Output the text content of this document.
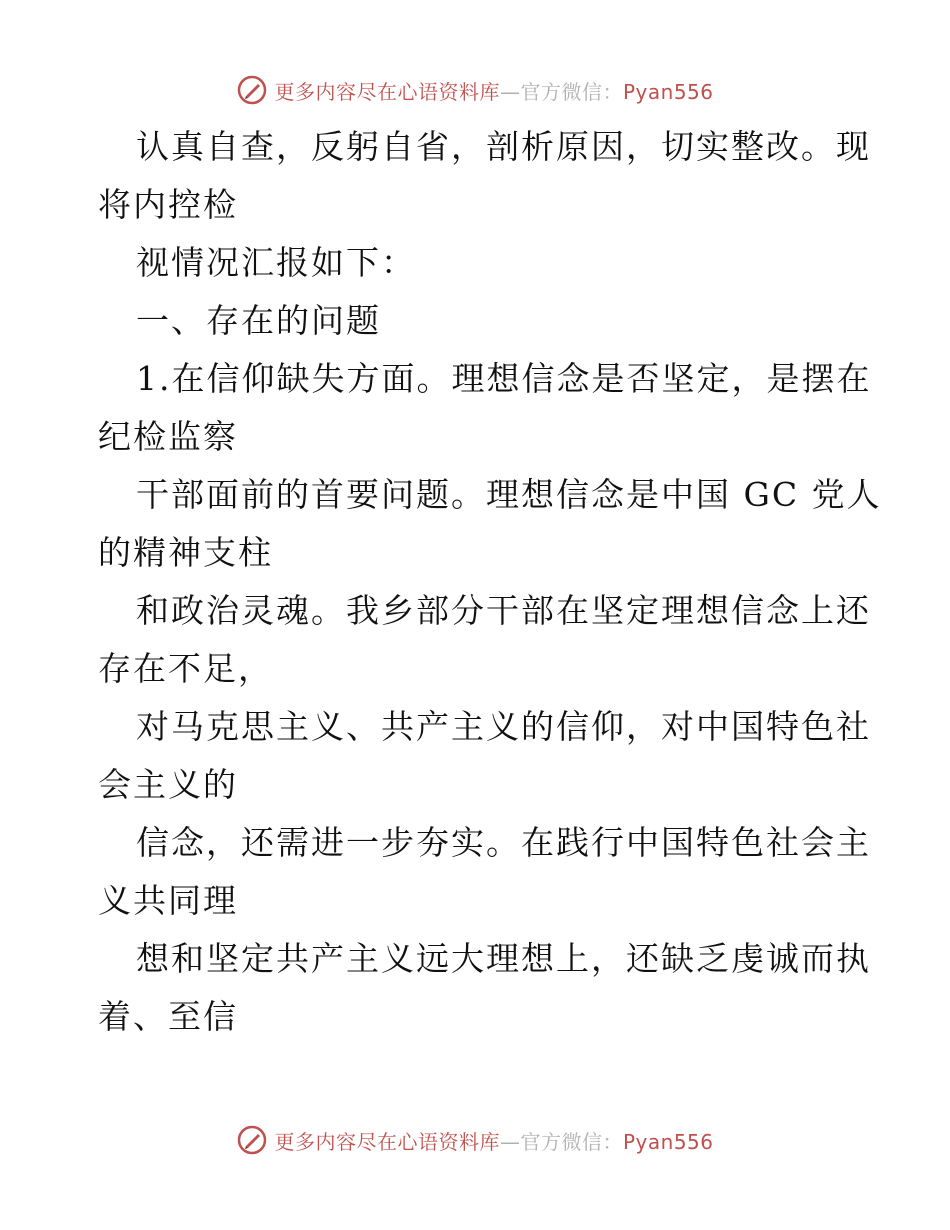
更多内容尽在心语资料库—官方微信：Pyan556
认真自查，反躬自省，剖析原因，切实整改。现
将内控检
视情况汇报如下：
一、存在的问题
1.在信仰缺失方面。理想信念是否坚定，是摆在
纪检监察
干部面前的首要问题。理想信念是中国 GC 党人
的精神支柱
和政治灵魂。我乡部分干部在坚定理想信念上还
存在不足，
对马克思主义、共产主义的信仰，对中国特色社
会主义的
信念，还需进一步夯实。在践行中国特色社会主
义共同理
想和坚定共产主义远大理想上，还缺乏虔诚而执
着、至信
更多内容尽在心语资料库—官方微信：Pyan556
